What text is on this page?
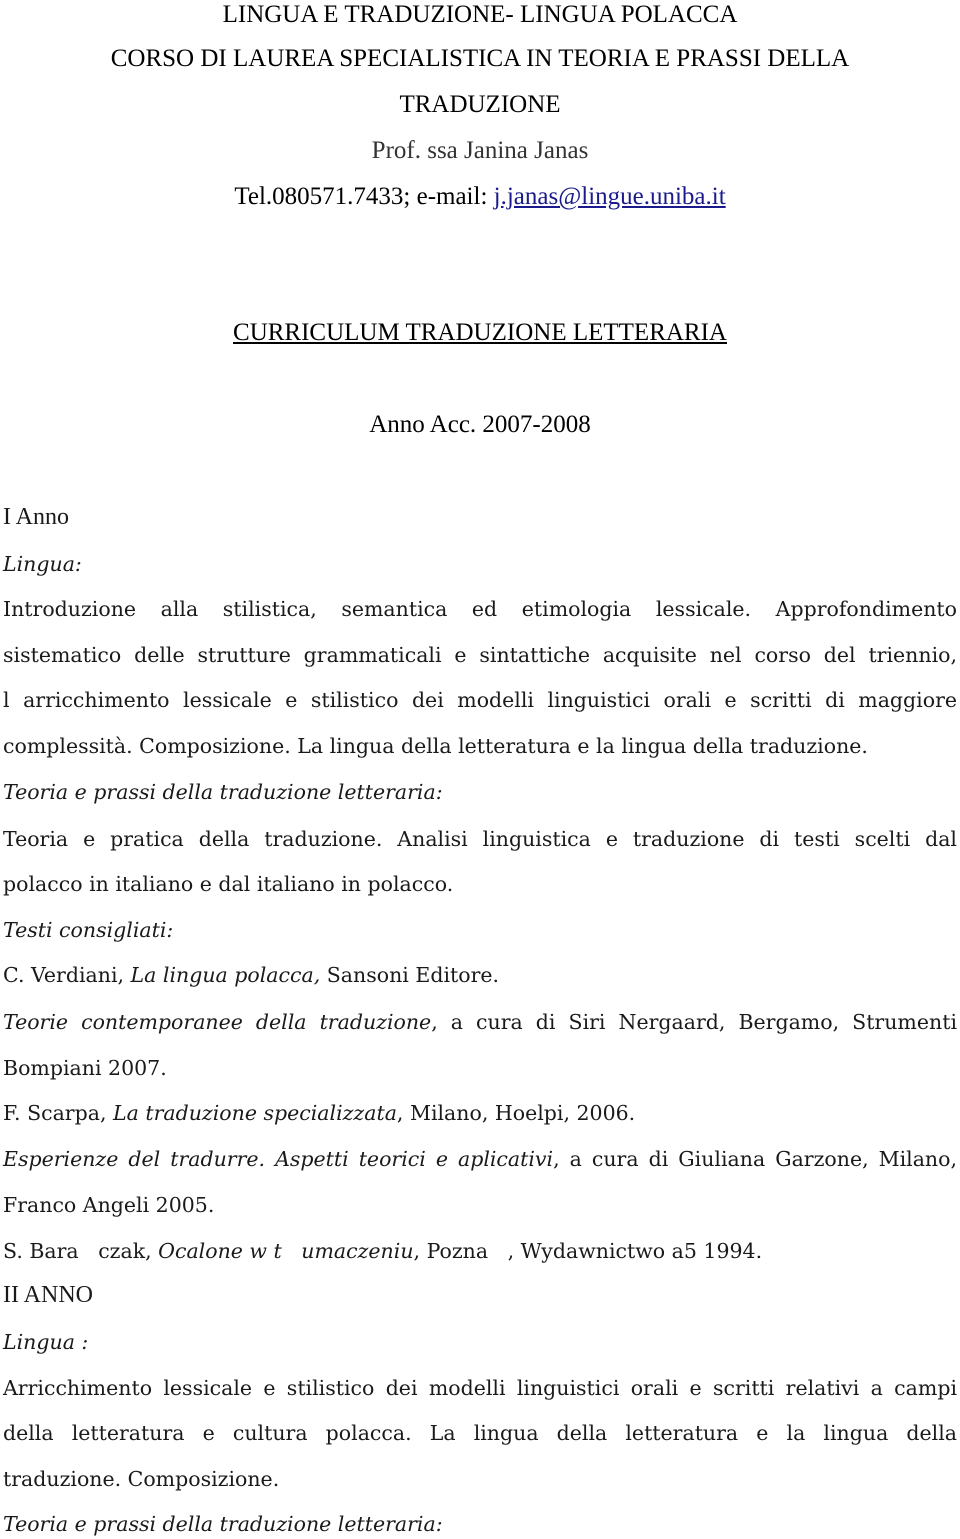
LINGUA E TRADUZIONE- LINGUA POLACCA
CORSO DI LAUREA SPECIALISTICA IN TEORIA E PRASSI DELLA
TRADUZIONE
Prof. ssa Janina Janas
Tel.080571.7433; e-mail: j.janas@lingue.uniba.it
CURRICULUM TRADUZIONE LETTERARIA
Anno Acc. 2007-2008
I Anno
Lingua:
Introduzione alla stilistica, semantica ed etimologia lessicale. Approfondimento
sistematico delle strutture grammaticali e sintattiche acquisite nel corso del triennio,
l arricchimento lessicale e stilistico dei modelli linguistici orali e scritti di maggiore
complessità. Composizione. La lingua della letteratura e la lingua della traduzione.
Teoria e prassi della traduzione letteraria:
Teoria e pratica della traduzione. Analisi linguistica e traduzione di testi scelti dal
polacco in italiano e dal italiano in polacco.
Testi consigliati:
C. Verdiani, La lingua polacca, Sansoni Editore.
Teorie contemporanee della traduzione, a cura di Siri Nergaard, Bergamo, Strumenti
Bompiani 2007.
F. Scarpa, La traduzione specializzata, Milano, Hoelpi, 2006.
Esperienze del tradurre. Aspetti teorici e aplicativi, a cura di Giuliana Garzone, Milano,
Franco Angeli 2005.
S. Bara   czak, Ocalone w t   umaczeniu, Pozna   , Wydawnictwo a5 1994.
II ANNO
Lingua :
Arricchimento lessicale e stilistico dei modelli linguistici orali e scritti relativi a campi
della letteratura e cultura polacca. La lingua della letteratura e la lingua della
traduzione. Composizione.
Teoria e prassi della traduzione letteraria:
